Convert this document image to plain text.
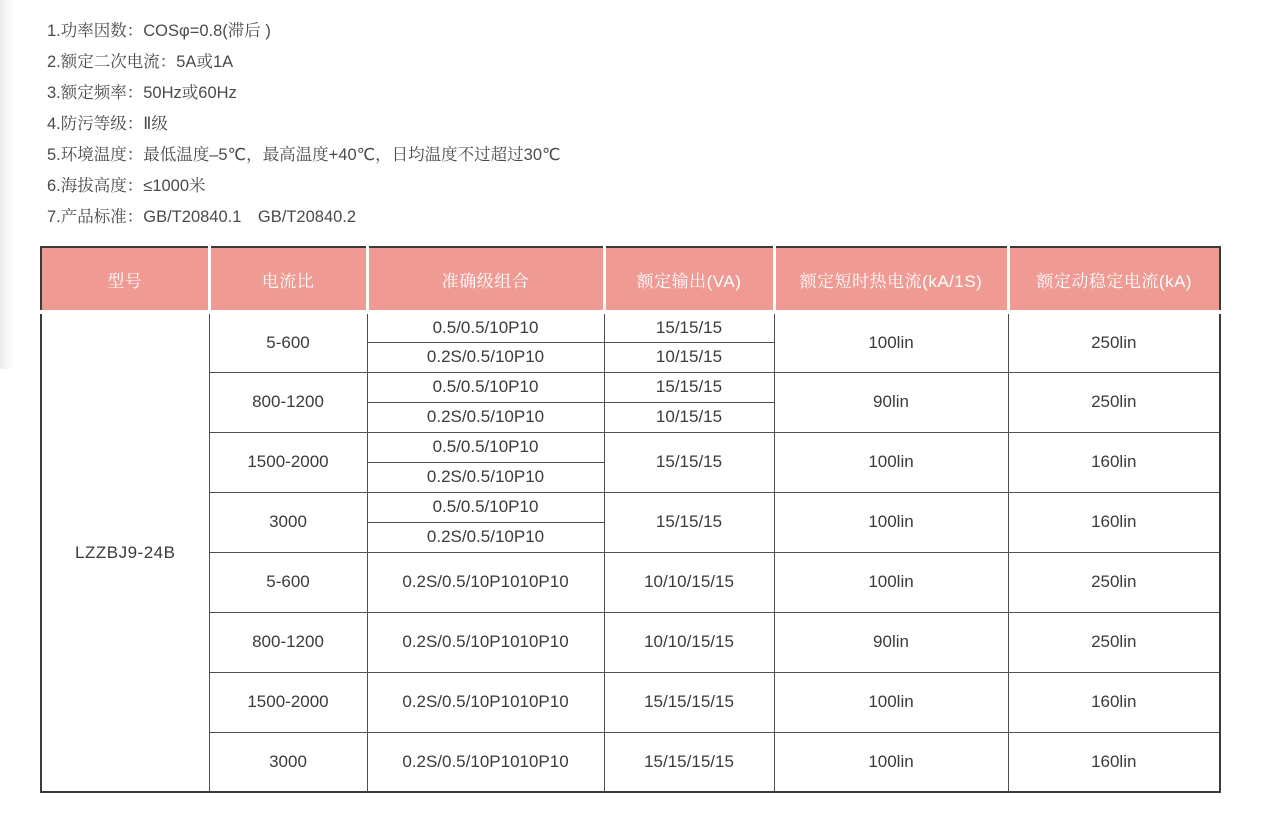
1.功率因数：COSφ=0.8(滞后 )
2.额定二次电流：5A或1A
3.额定频率：50Hz或60Hz
4.防污等级：Ⅱ级
5.环境温度：最低温度–5℃，最高温度+40℃，日均温度不过超过30℃
6.海拔高度：≤1000米
7.产品标准：GB/T20840.1　GB/T20840.2
型号	电流比	准确级组合	额定输出(VA)	额定短时热电流(kA/1S)	额定动稳定电流(kA)
LZZBJ9-24B	5-600	0.5/0.5/10P10	15/15/15	100lin	250lin
		0.2S/0.5/10P10	10/15/15		
	800-1200	0.5/0.5/10P10	15/15/15	90lin	250lin
		0.2S/0.5/10P10	10/15/15		
	1500-2000	0.5/0.5/10P10	15/15/15	100lin	160lin
		0.2S/0.5/10P10			
	3000	0.5/0.5/10P10	15/15/15	100lin	160lin
		0.2S/0.5/10P10			
	5-600	0.2S/0.5/10P1010P10	10/10/15/15	100lin	250lin
	800-1200	0.2S/0.5/10P1010P10	10/10/15/15	90lin	250lin
	1500-2000	0.2S/0.5/10P1010P10	15/15/15/15	100lin	160lin
	3000	0.2S/0.5/10P1010P10	15/15/15/15	100lin	160lin
